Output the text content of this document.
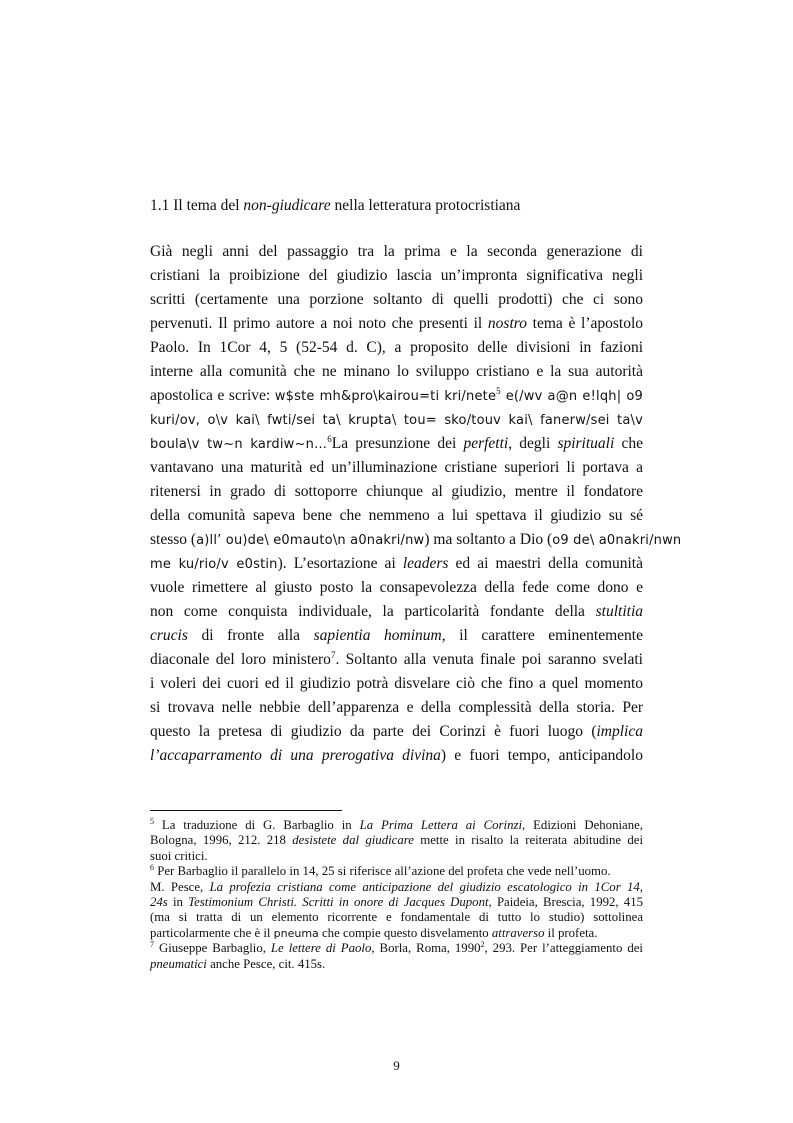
1.1 Il tema del non-giudicare nella letteratura protocristiana
Già negli anni del passaggio tra la prima e la seconda generazione di
cristiani la proibizione del giudizio lascia un’impronta significativa negli
scritti (certamente una porzione soltanto di quelli prodotti) che ci sono
pervenuti. Il primo autore a noi noto che presenti il nostro tema è l’apostolo
Paolo. In 1Cor 4, 5 (52-54 d. C), a proposito delle divisioni in fazioni
interne alla comunità che ne minano lo sviluppo cristiano e la sua autorità
apostolica e scrive: w$ste mh&pro\kairou=ti kri/nete$^5$ e(/wv a@n e!lqh| o9
kuri/ov, o\v kai\ fwti/sei ta\ krupta\ tou= sko/touv kai\ fanerw/sei ta\v
boula\v tw~n kardiw~n…$^6$La presunzione dei perfetti, degli spirituali che
vantavano una maturità ed un’illuminazione cristiane superiori li portava a
ritenersi in grado di sottoporre chiunque al giudizio, mentre il fondatore
della comunità sapeva bene che nemmeno a lui spettava il giudizio su sé
stesso (a)ll’ ou)de\ e0mauto\n a0nakri/nw) ma soltanto a Dio (o9 de\ a0nakri/nwn
me ku/rio/v e0stin). L’esortazione ai leaders ed ai maestri della comunità
vuole rimettere al giusto posto la consapevolezza della fede come dono e
non come conquista individuale, la particolarità fondante della stultitia
crucis di fronte alla sapientia hominum, il carattere eminentemente
diaconale del loro ministero$^7$. Soltanto alla venuta finale poi saranno svelati
i voleri dei cuori ed il giudizio potrà disvelare ciò che fino a quel momento
si trovava nelle nebbie dell’apparenza e della complessità della storia. Per
questo la pretesa di giudizio da parte dei Corinzi è fuori luogo (implica
l’accaparramento di una prerogativa divina) e fuori tempo, anticipandolo
$^5$ La traduzione di G. Barbaglio in La Prima Lettera ai Corinzi, Edizioni Dehoniane,
Bologna, 1996, 212. 218 desistete dal giudicare mette in risalto la reiterata abitudine dei
suoi critici.
$^6$ Per Barbaglio il parallelo in 14, 25 si riferisce all’azione del profeta che vede nell’uomo.
M. Pesce, La profezia cristiana come anticipazione del giudizio escatologico in 1Cor 14,
24s in Testimonium Christi. Scritti in onore di Jacques Dupont, Paideia, Brescia, 1992, 415
(ma si tratta di un elemento ricorrente e fondamentale di tutto lo studio) sottolinea
particolarmente che è il pneuma che compie questo disvelamento attraverso il profeta.
$^7$ Giuseppe Barbaglio, Le lettere di Paolo, Borla, Roma, 1990$^2$, 293. Per l’atteggiamento dei
pneumatici anche Pesce, cit. 415s.
9
